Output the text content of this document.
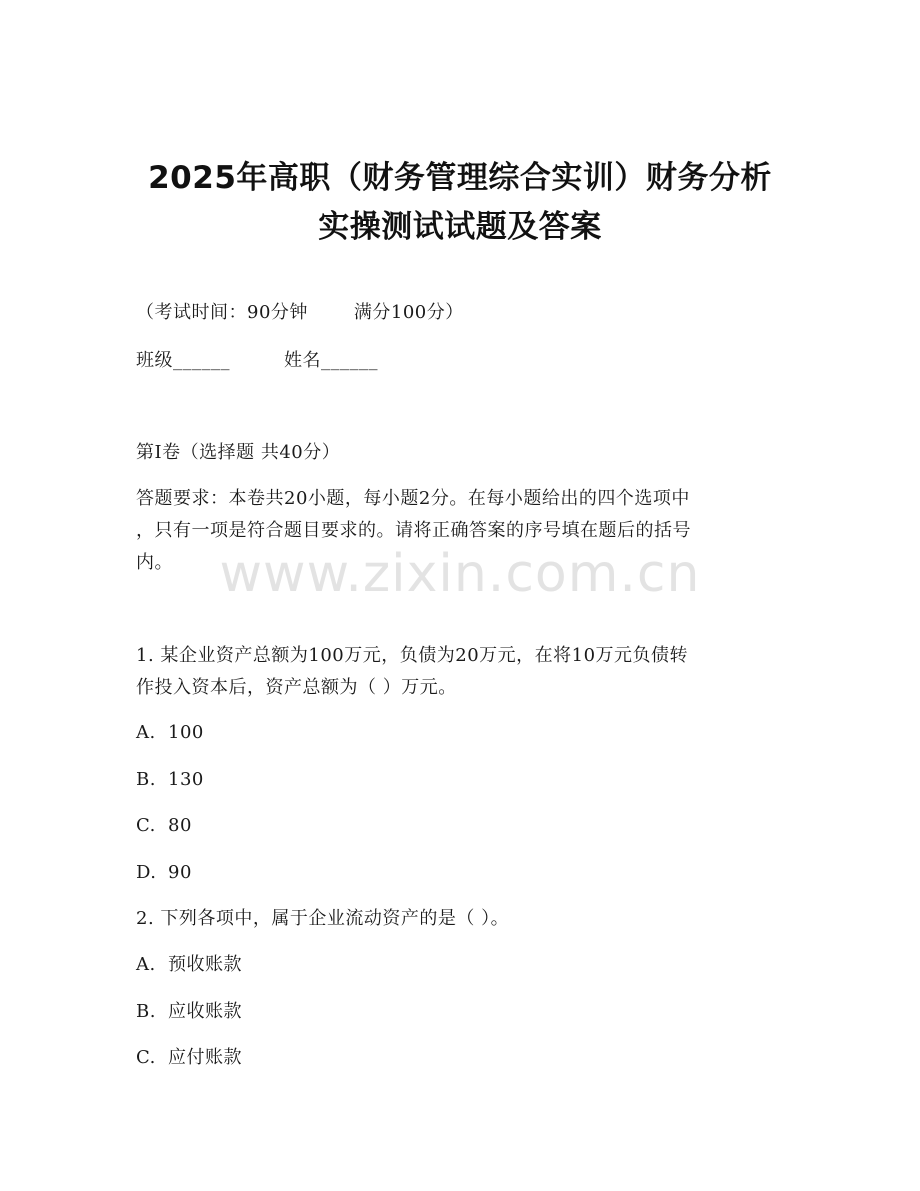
2025年高职（财务管理综合实训）财务分析
实操测试试题及答案
（考试时间：90分钟	满分100分）
班级______	姓名______
第I卷（选择题 共40分）
答题要求：本卷共20小题，每小题2分。在每小题给出的四个选项中
，只有一项是符合题目要求的。请将正确答案的序号填在题后的括号
内。 www.zixin.com.cn
1. 某企业资产总额为100万元，负债为20万元，在将10万元负债转
作投入资本后，资产总额为（ ）万元。
A. 100
B. 130
C. 80
D. 90
2. 下列各项中，属于企业流动资产的是（ ）。
A. 预收账款
B. 应收账款
C. 应付账款
